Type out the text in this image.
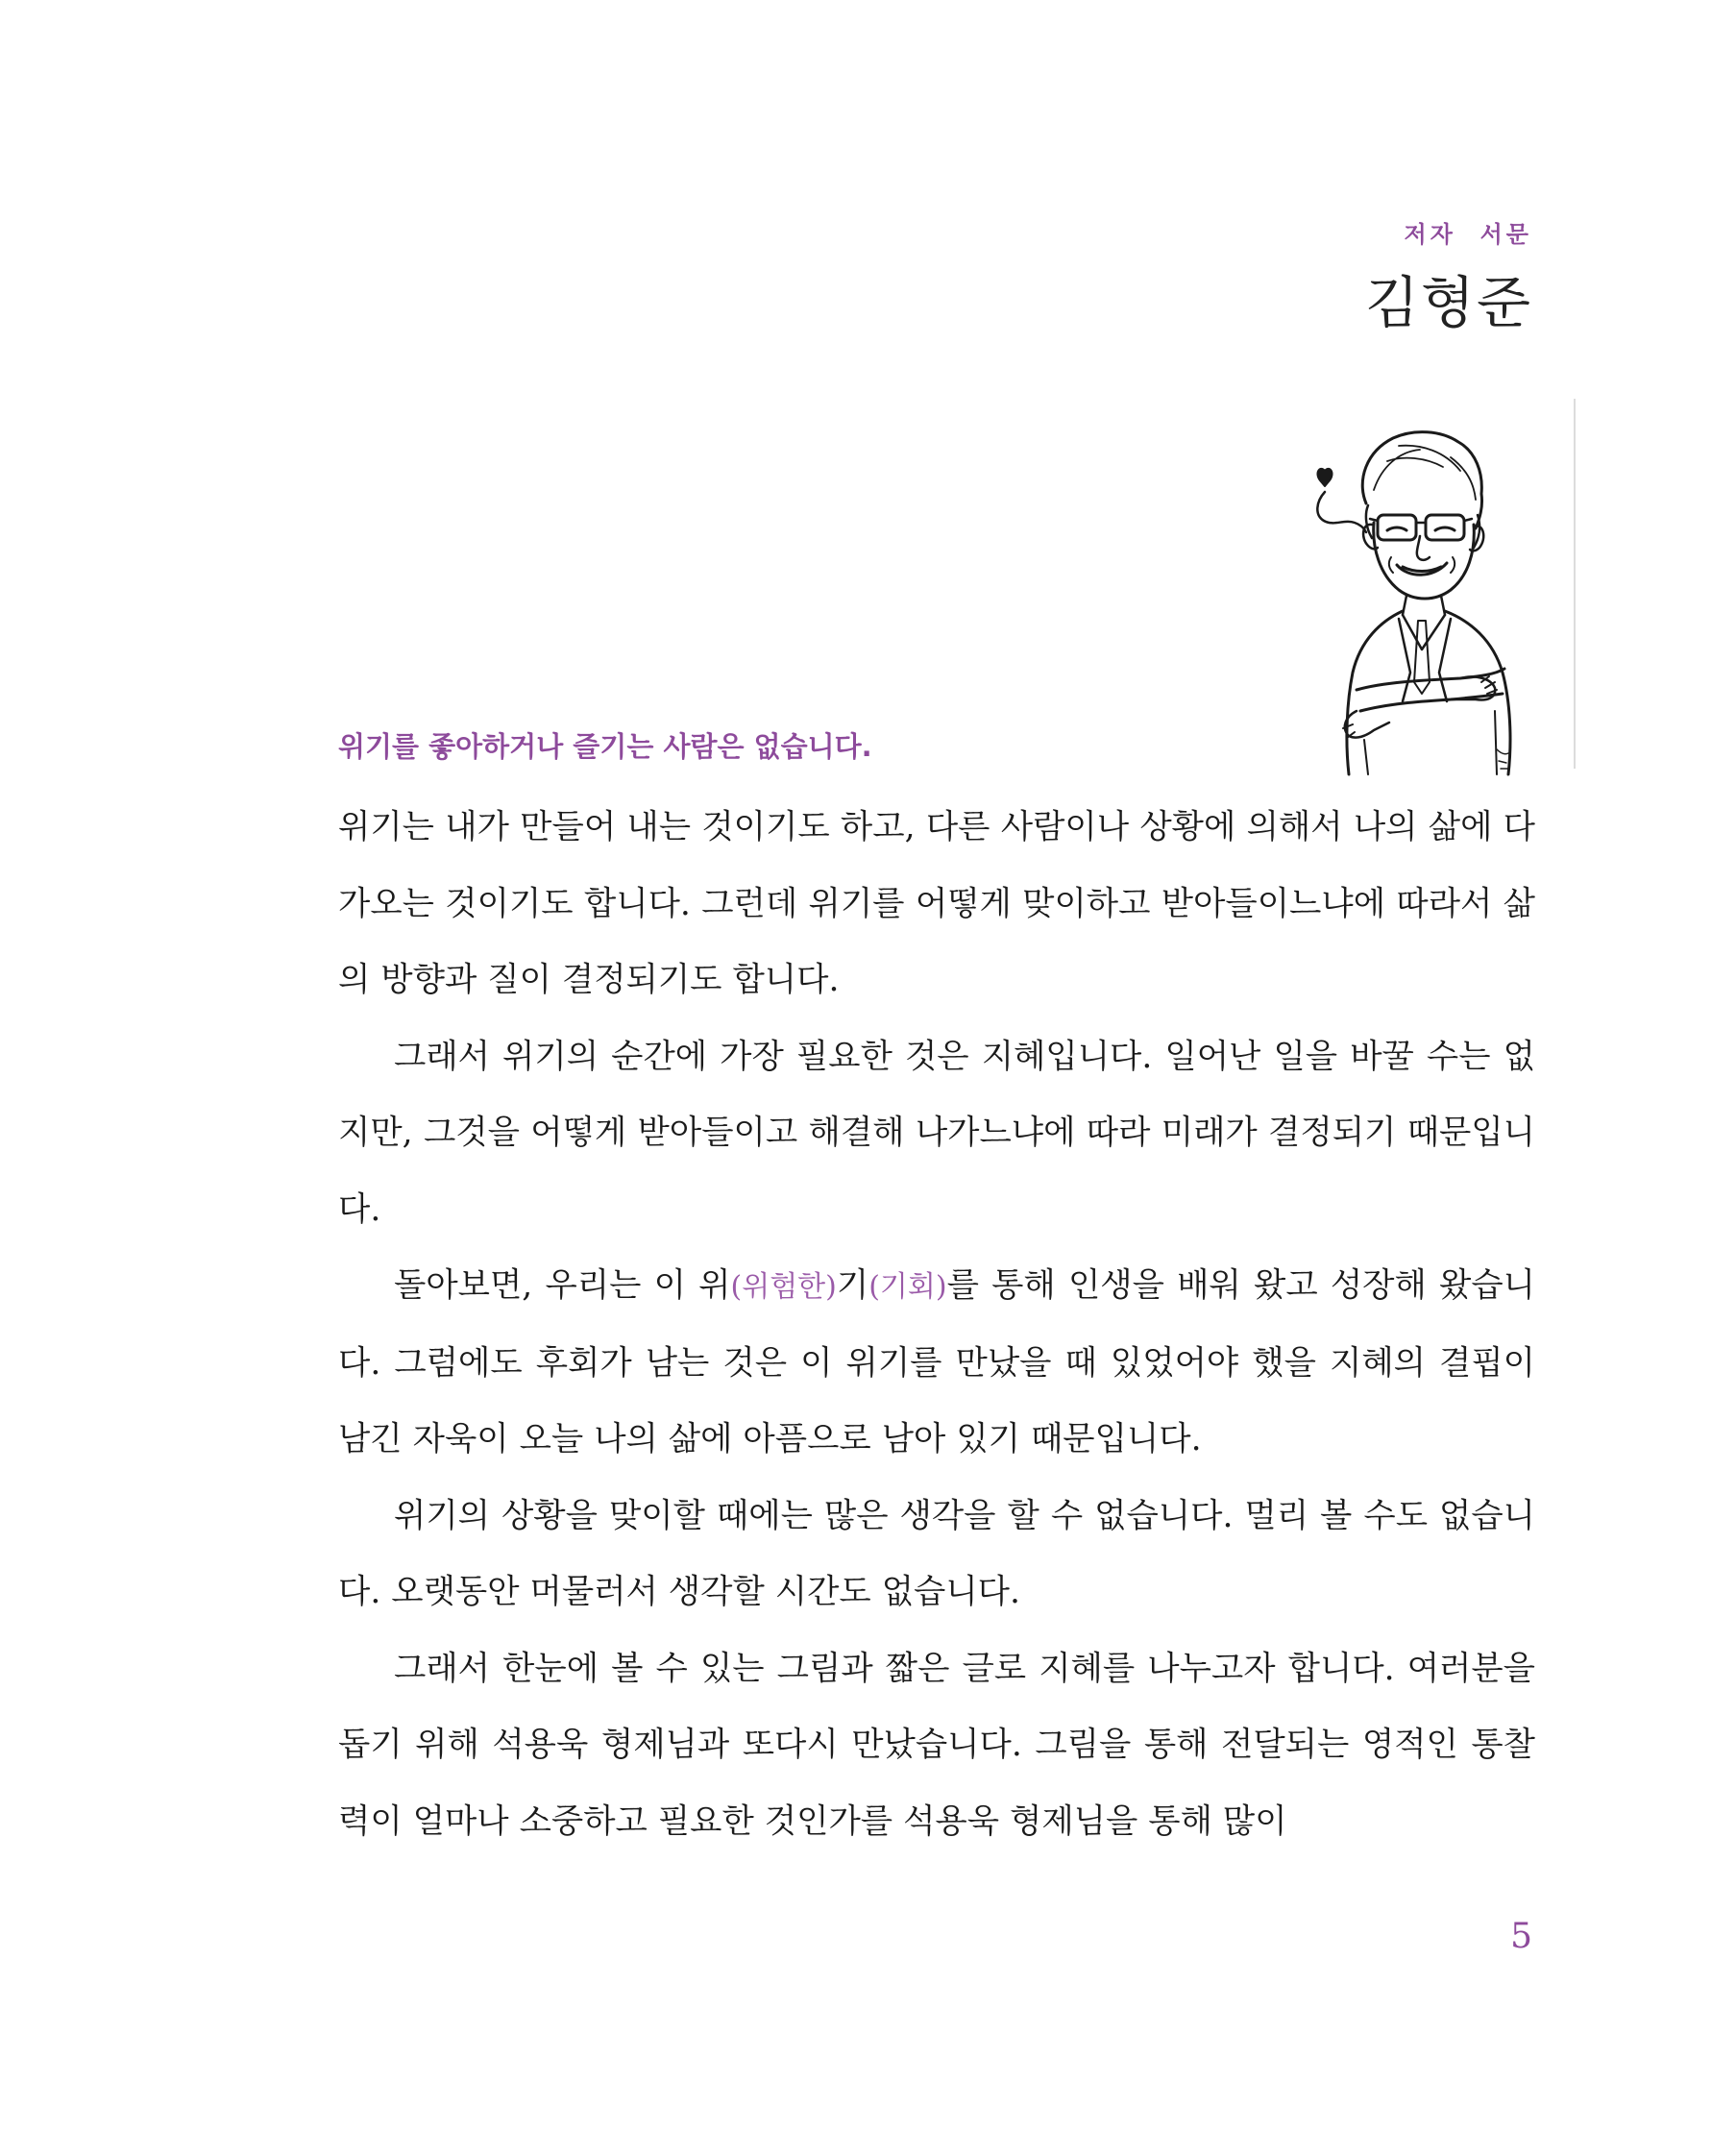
저자  서문
김형준
위기를 좋아하거나 즐기는 사람은 없습니다.

위기는 내가 만들어 내는 것이기도 하고, 다른 사람이나 상황에 의해서 나의 삶에 다가오는 것이기도 합니다. 그런데 위기를 어떻게 맞이하고 받아들이느냐에 따라서 삶의 방향과 질이 결정되기도 합니다.

그래서 위기의 순간에 가장 필요한 것은 지혜입니다. 일어난 일을 바꿀 수는 없지만, 그것을 어떻게 받아들이고 해결해 나가느냐에 따라 미래가 결정되기 때문입니다.

돌아보면, 우리는 이 위(위험한)기(기회)를 통해 인생을 배워 왔고 성장해 왔습니다. 그럼에도 후회가 남는 것은 이 위기를 만났을 때 있었어야 했을 지혜의 결핍이 남긴 자욱이 오늘 나의 삶에 아픔으로 남아 있기 때문입니다.

위기의 상황을 맞이할 때에는 많은 생각을 할 수 없습니다. 멀리 볼 수도 없습니다. 오랫동안 머물러서 생각할 시간도 없습니다.

그래서 한눈에 볼 수 있는 그림과 짧은 글로 지혜를 나누고자 합니다. 여러분을 돕기 위해 석용욱 형제님과 또다시 만났습니다. 그림을 통해 전달되는 영적인 통찰력이 얼마나 소중하고 필요한 것인가를 석용욱 형제님을 통해 많이

5
